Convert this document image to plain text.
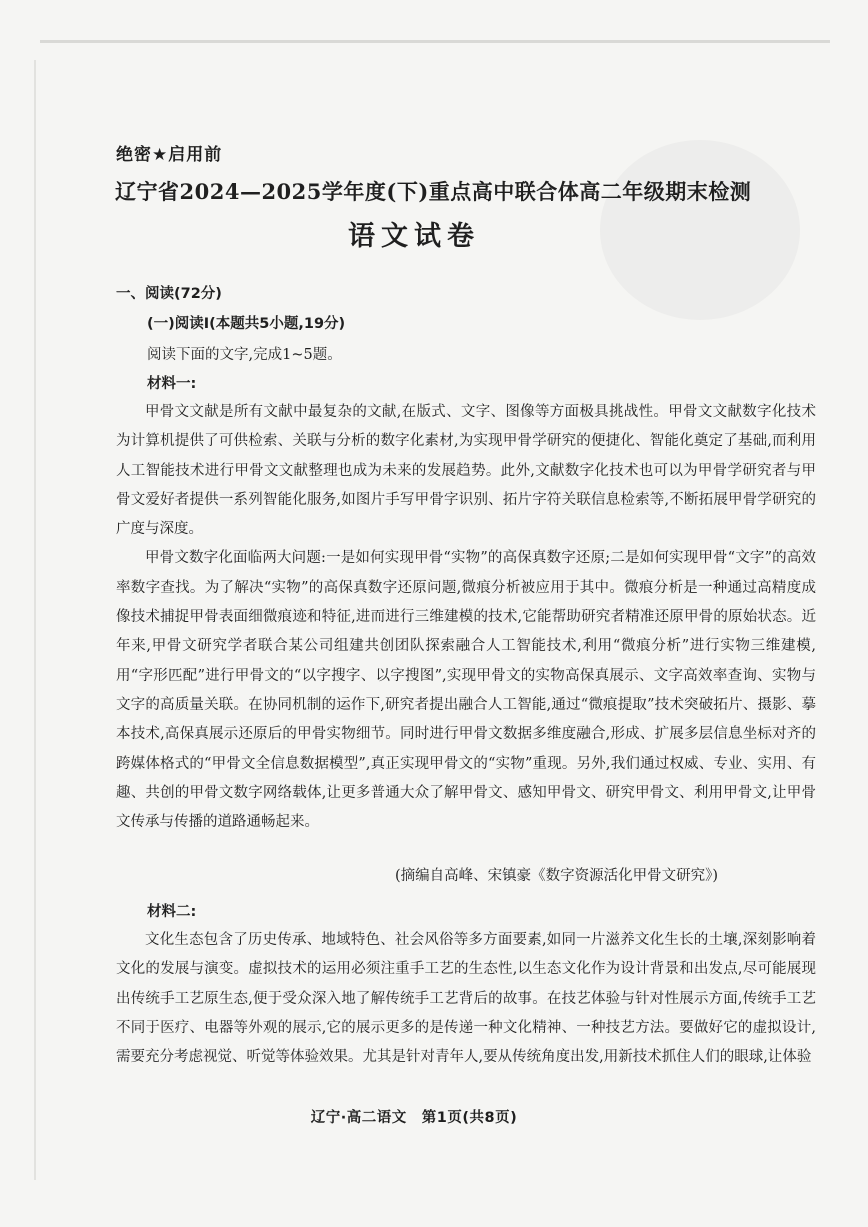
绝密★启用前
辽宁省2024—2025学年度(下)重点高中联合体高二年级期末检测
语文试卷
一、阅读(72分)
(一)阅读Ⅰ(本题共5小题,19分)
阅读下面的文字,完成1~5题。
材料一:

甲骨文文献是所有文献中最复杂的文献,在版式、文字、图像等方面极具挑战性。甲骨文文献数字化技术为计算机提供了可供检索、关联与分析的数字化素材,为实现甲骨学研究的便捷化、智能化奠定了基础,而利用人工智能技术进行甲骨文文献整理也成为未来的发展趋势。此外,文献数字化技术也可以为甲骨学研究者与甲骨文爱好者提供一系列智能化服务,如图片手写甲骨字识别、拓片字符关联信息检索等,不断拓展甲骨学研究的广度与深度。

甲骨文数字化面临两大问题:一是如何实现甲骨“实物”的高保真数字还原;二是如何实现甲骨“文字”的高效率数字查找。为了解决“实物”的高保真数字还原问题,微痕分析被应用于其中。微痕分析是一种通过高精度成像技术捕捉甲骨表面细微痕迹和特征,进而进行三维建模的技术,它能帮助研究者精准还原甲骨的原始状态。近年来,甲骨文研究学者联合某公司组建共创团队探索融合人工智能技术,利用“微痕分析”进行实物三维建模,用“字形匹配”进行甲骨文的“以字搜字、以字搜图”,实现甲骨文的实物高保真展示、文字高效率查询、实物与文字的高质量关联。在协同机制的运作下,研究者提出融合人工智能,通过“微痕提取”技术突破拓片、摄影、摹本技术,高保真展示还原后的甲骨实物细节。同时进行甲骨文数据多维度融合,形成、扩展多层信息坐标对齐的跨媒体格式的“甲骨文全信息数据模型”,真正实现甲骨文的“实物”重现。另外,我们通过权威、专业、实用、有趣、共创的甲骨文数字网络载体,让更多普通大众了解甲骨文、感知甲骨文、研究甲骨文、利用甲骨文,让甲骨文传承与传播的道路通畅起来。

(摘编自高峰、宋镇豪《数字资源活化甲骨文研究》)
材料二:

文化生态包含了历史传承、地域特色、社会风俗等多方面要素,如同一片滋养文化生长的土壤,深刻影响着文化的发展与演变。虚拟技术的运用必须注重手工艺的生态性,以生态文化作为设计背景和出发点,尽可能展现出传统手工艺原生态,便于受众深入地了解传统手工艺背后的故事。在技艺体验与针对性展示方面,传统手工艺不同于医疗、电器等外观的展示,它的展示更多的是传递一种文化精神、一种技艺方法。要做好它的虚拟设计,需要充分考虑视觉、听觉等体验效果。尤其是针对青年人,要从传统角度出发,用新技术抓住人们的眼球,让体验

辽宁·高二语文　第1页(共8页)
